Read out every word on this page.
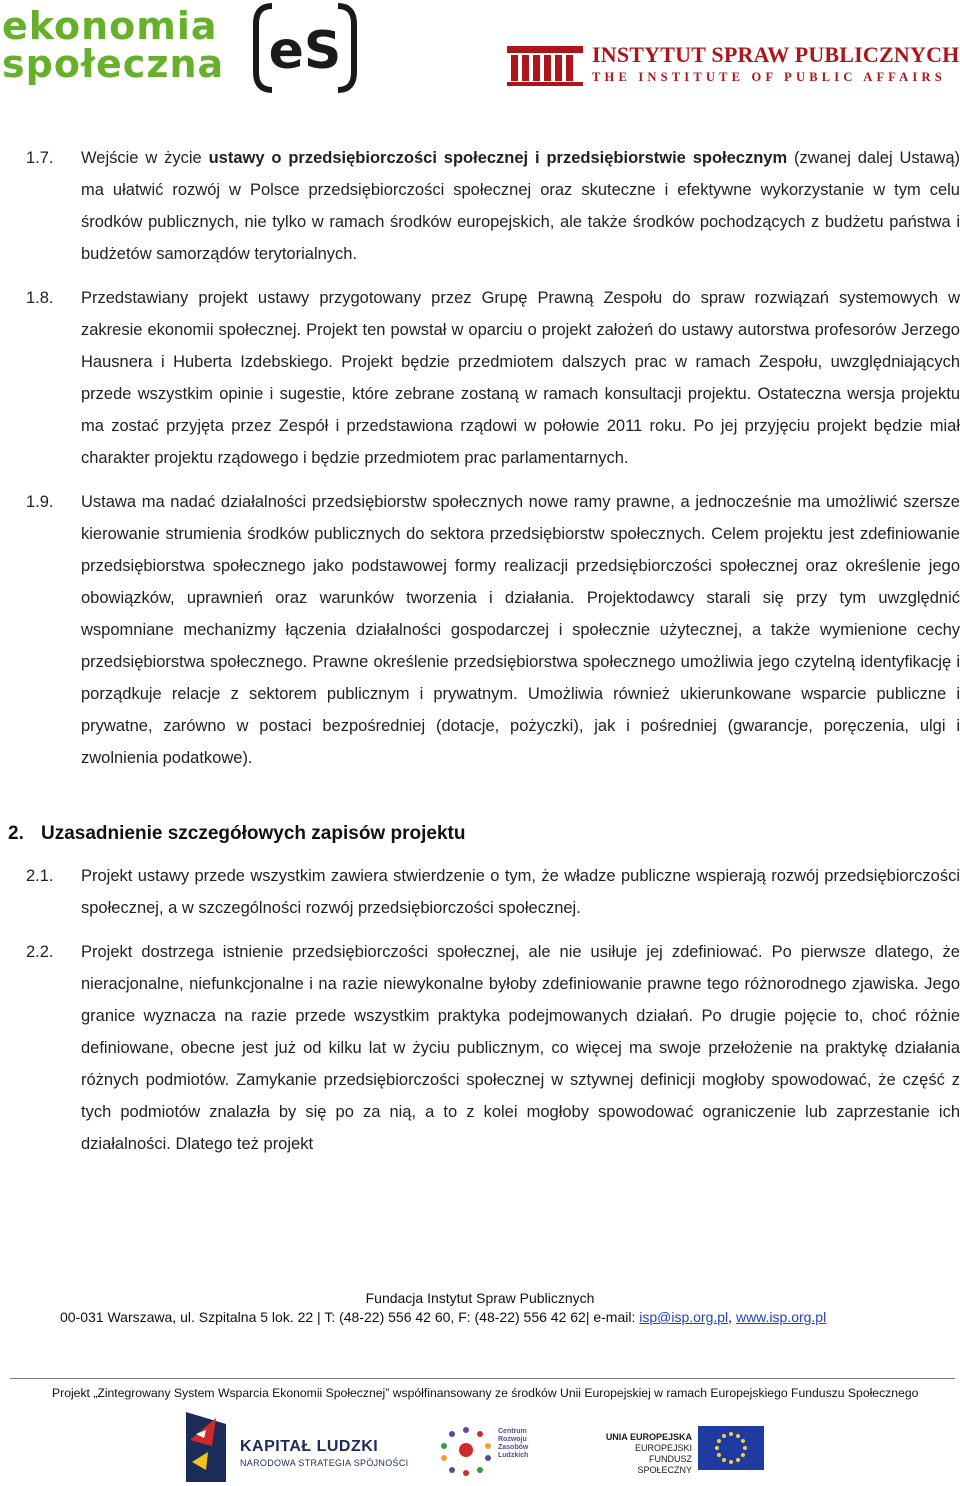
ekonomia
społeczna eS	INSTYTUT SPRAW PUBLICZNYCH
THE INSTITUTE OF PUBLIC AFFAIRS
1.7. Wejście w życie ustawy o przedsiębiorczości społecznej i przedsiębiorstwie społecznym (zwanej dalej Ustawą) ma ułatwić rozwój w Polsce przedsiębiorczości społecznej oraz skuteczne i efektywne wykorzystanie w tym celu środków publicznych, nie tylko w ramach środków europejskich, ale także środków pochodzących z budżetu państwa i budżetów samorządów terytorialnych.
1.8. Przedstawiany projekt ustawy przygotowany przez Grupę Prawną Zespołu do spraw rozwiązań systemowych w zakresie ekonomii społecznej. Projekt ten powstał w oparciu o projekt założeń do ustawy autorstwa profesorów Jerzego Hausnera i Huberta Izdebskiego. Projekt będzie przedmiotem dalszych prac w ramach Zespołu, uwzględniających przede wszystkim opinie i sugestie, które zebrane zostaną w ramach konsultacji projektu. Ostateczna wersja projektu ma zostać przyjęta przez Zespół i przedstawiona rządowi w połowie 2011 roku. Po jej przyjęciu projekt będzie miał charakter projektu rządowego i będzie przedmiotem prac parlamentarnych.
1.9. Ustawa ma nadać działalności przedsiębiorstw społecznych nowe ramy prawne, a jednocześnie ma umożliwić szersze kierowanie strumienia środków publicznych do sektora przedsiębiorstw społecznych. Celem projektu jest zdefiniowanie przedsiębiorstwa społecznego jako podstawowej formy realizacji przedsiębiorczości społecznej oraz określenie jego obowiązków, uprawnień oraz warunków tworzenia i działania. Projektodawcy starali się przy tym uwzględnić wspomniane mechanizmy łączenia działalności gospodarczej i społecznie użytecznej, a także wymienione cechy przedsiębiorstwa społecznego. Prawne określenie przedsiębiorstwa społecznego umożliwia jego czytelną identyfikację i porządkuje relacje z sektorem publicznym i prywatnym. Umożliwia również ukierunkowane wsparcie publiczne i prywatne, zarówno w postaci bezpośredniej (dotacje, pożyczki), jak i pośredniej (gwarancje, poręczenia, ulgi i zwolnienia podatkowe).
2. Uzasadnienie szczegółowych zapisów projektu
2.1. Projekt ustawy przede wszystkim zawiera stwierdzenie o tym, że władze publiczne wspierają rozwój przedsiębiorczości społecznej, a w szczególności rozwój przedsiębiorczości społecznej.
2.2. Projekt dostrzega istnienie przedsiębiorczości społecznej, ale nie usiłuje jej zdefiniować. Po pierwsze dlatego, że nieracjonalne, niefunkcjonalne i na razie niewykonalne byłoby zdefiniowanie prawne tego różnorodnego zjawiska. Jego granice wyznacza na razie przede wszystkim praktyka podejmowanych działań. Po drugie pojęcie to, choć różnie definiowane, obecne jest już od kilku lat w życiu publicznym, co więcej ma swoje przełożenie na praktykę działania różnych podmiotów. Zamykanie przedsiębiorczości społecznej w sztywnej definicji mogłoby spowodować, że część z tych podmiotów znalazła by się po za nią, a to z kolei mogłoby spowodować ograniczenie lub zaprzestanie ich działalności. Dlatego też projekt
Fundacja Instytut Spraw Publicznych
00-031 Warszawa, ul. Szpitalna 5 lok. 22 | T: (48-22) 556 42 60, F: (48-22) 556 42 62| e-mail: isp@isp.org.pl, www.isp.org.pl
Projekt „Zintegrowany System Wsparcia Ekonomii Społecznej” współfinansowany ze środków Unii Europejskiej w ramach Europejskiego Funduszu Społecznego
KAPITAŁ LUDZKI
NARODOWA STRATEGIA SPÓJNOŚCI
Centrum
Rozwoju
Zasobów
Ludzkich
UNIA EUROPEJSKA
EUROPEJSKI
FUNDUSZ SPOŁECZNY
